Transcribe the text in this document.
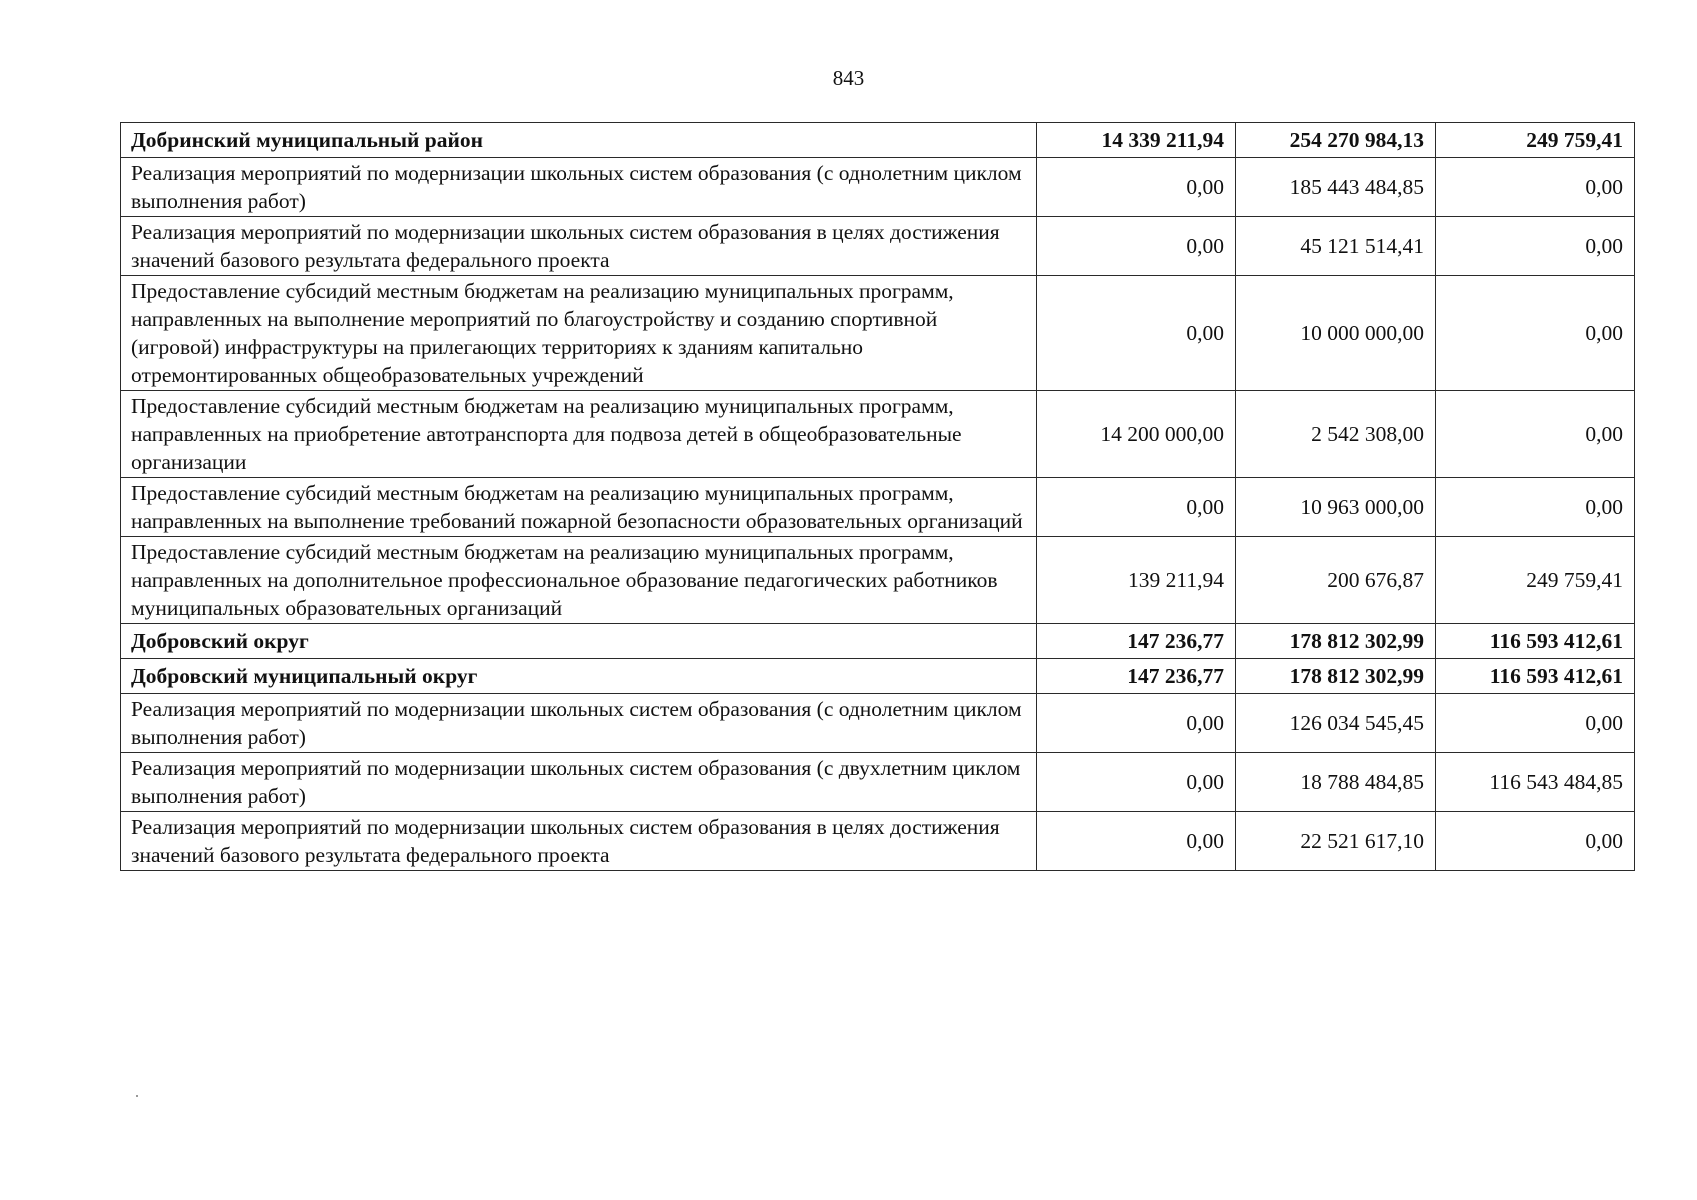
843
Добринский муниципальный район	14 339 211,94	254 270 984,13	249 759,41
Реализация мероприятий по модернизации школьных систем образования (с однолетним циклом выполнения работ)	0,00	185 443 484,85	0,00
Реализация мероприятий по модернизации школьных систем образования в целях достижения значений базового результата федерального проекта	0,00	45 121 514,41	0,00
Предоставление субсидий местным бюджетам на реализацию муниципальных программ, направленных на выполнение мероприятий по благоустройству и созданию спортивной (игровой) инфраструктуры на прилегающих территориях к зданиям капитально отремонтированных общеобразовательных учреждений	0,00	10 000 000,00	0,00
Предоставление субсидий местным бюджетам на реализацию муниципальных программ, направленных на приобретение автотранспорта для подвоза детей в общеобразовательные организации	14 200 000,00	2 542 308,00	0,00
Предоставление субсидий местным бюджетам на реализацию муниципальных программ, направленных на выполнение требований пожарной безопасности образовательных организаций	0,00	10 963 000,00	0,00
Предоставление субсидий местным бюджетам на реализацию муниципальных программ, направленных на дополнительное профессиональное образование педагогических работников муниципальных образовательных организаций	139 211,94	200 676,87	249 759,41
Добровский округ	147 236,77	178 812 302,99	116 593 412,61
Добровский муниципальный округ	147 236,77	178 812 302,99	116 593 412,61
Реализация мероприятий по модернизации школьных систем образования (с однолетним циклом выполнения работ)	0,00	126 034 545,45	0,00
Реализация мероприятий по модернизации школьных систем образования (с двухлетним циклом выполнения работ)	0,00	18 788 484,85	116 543 484,85
Реализация мероприятий по модернизации школьных систем образования в целях достижения значений базового результата федерального проекта	0,00	22 521 617,10	0,00
